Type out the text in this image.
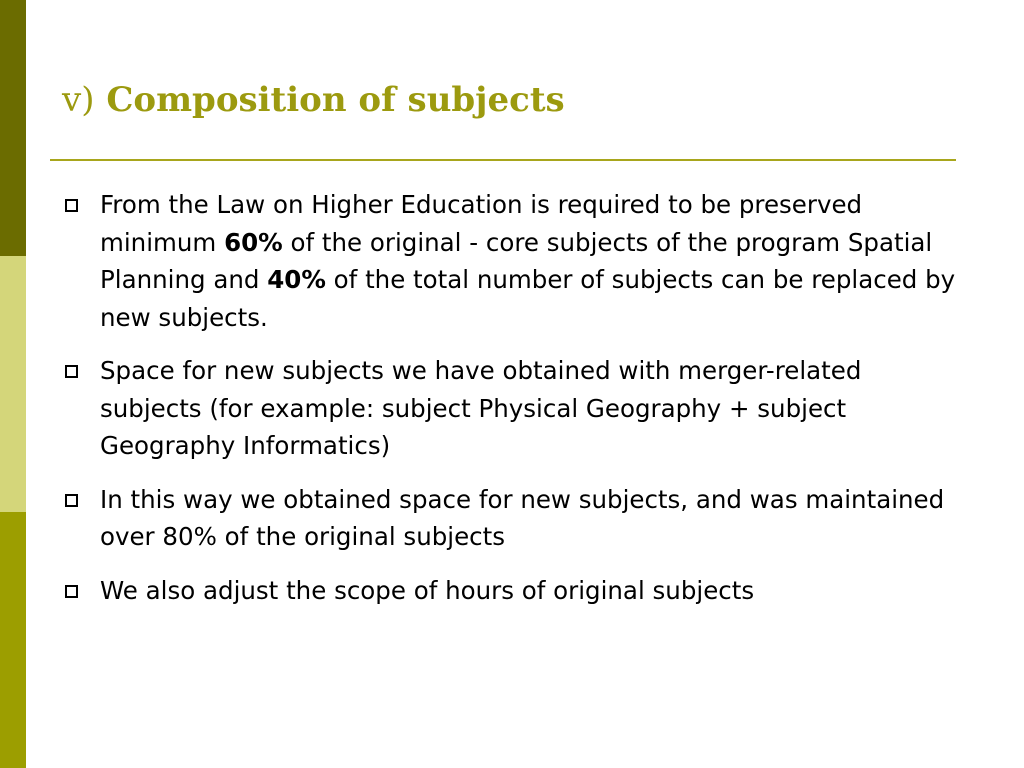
v) Composition of subjects
From the Law on Higher Education is required to be preserved minimum 60% of the original - core subjects of the program Spatial Planning and 40% of the total number of subjects can be replaced by new subjects.
Space for new subjects we have obtained with merger-related subjects (for example: subject Physical Geography + subject Geography Informatics)
In this way we obtained space for new subjects, and was maintained over 80% of the original subjects
We also adjust the scope of hours of original subjects
